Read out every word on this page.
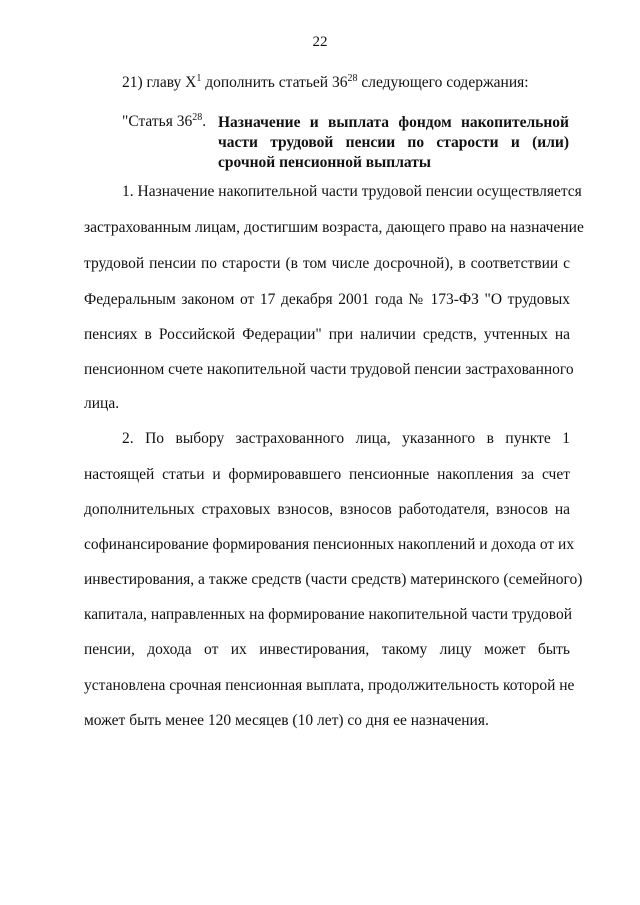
22
21) главу $X^1$ дополнить статьей $36^{28}$ следующего содержания:
"Статья $36^{28}$. Назначение и выплата фондом накопительной
части трудовой пенсии по старости и (или)
срочной пенсионной выплаты
1. Назначение накопительной части трудовой пенсии осуществляется
застрахованным лицам, достигшим возраста, дающего право на назначение
трудовой пенсии по старости (в том числе досрочной), в соответствии с
Федеральным законом от 17 декабря 2001 года № 173-ФЗ "О трудовых
пенсиях в Российской Федерации" при наличии средств, учтенных на
пенсионном счете накопительной части трудовой пенсии застрахованного
лица.
2. По выбору застрахованного лица, указанного в пункте 1
настоящей статьи и формировавшего пенсионные накопления за счет
дополнительных страховых взносов, взносов работодателя, взносов на
софинансирование формирования пенсионных накоплений и дохода от их
инвестирования, а также средств (части средств) материнского (семейного)
капитала, направленных на формирование накопительной части трудовой
пенсии, дохода от их инвестирования, такому лицу может быть
установлена срочная пенсионная выплата, продолжительность которой не
может быть менее 120 месяцев (10 лет) со дня ее назначения.
